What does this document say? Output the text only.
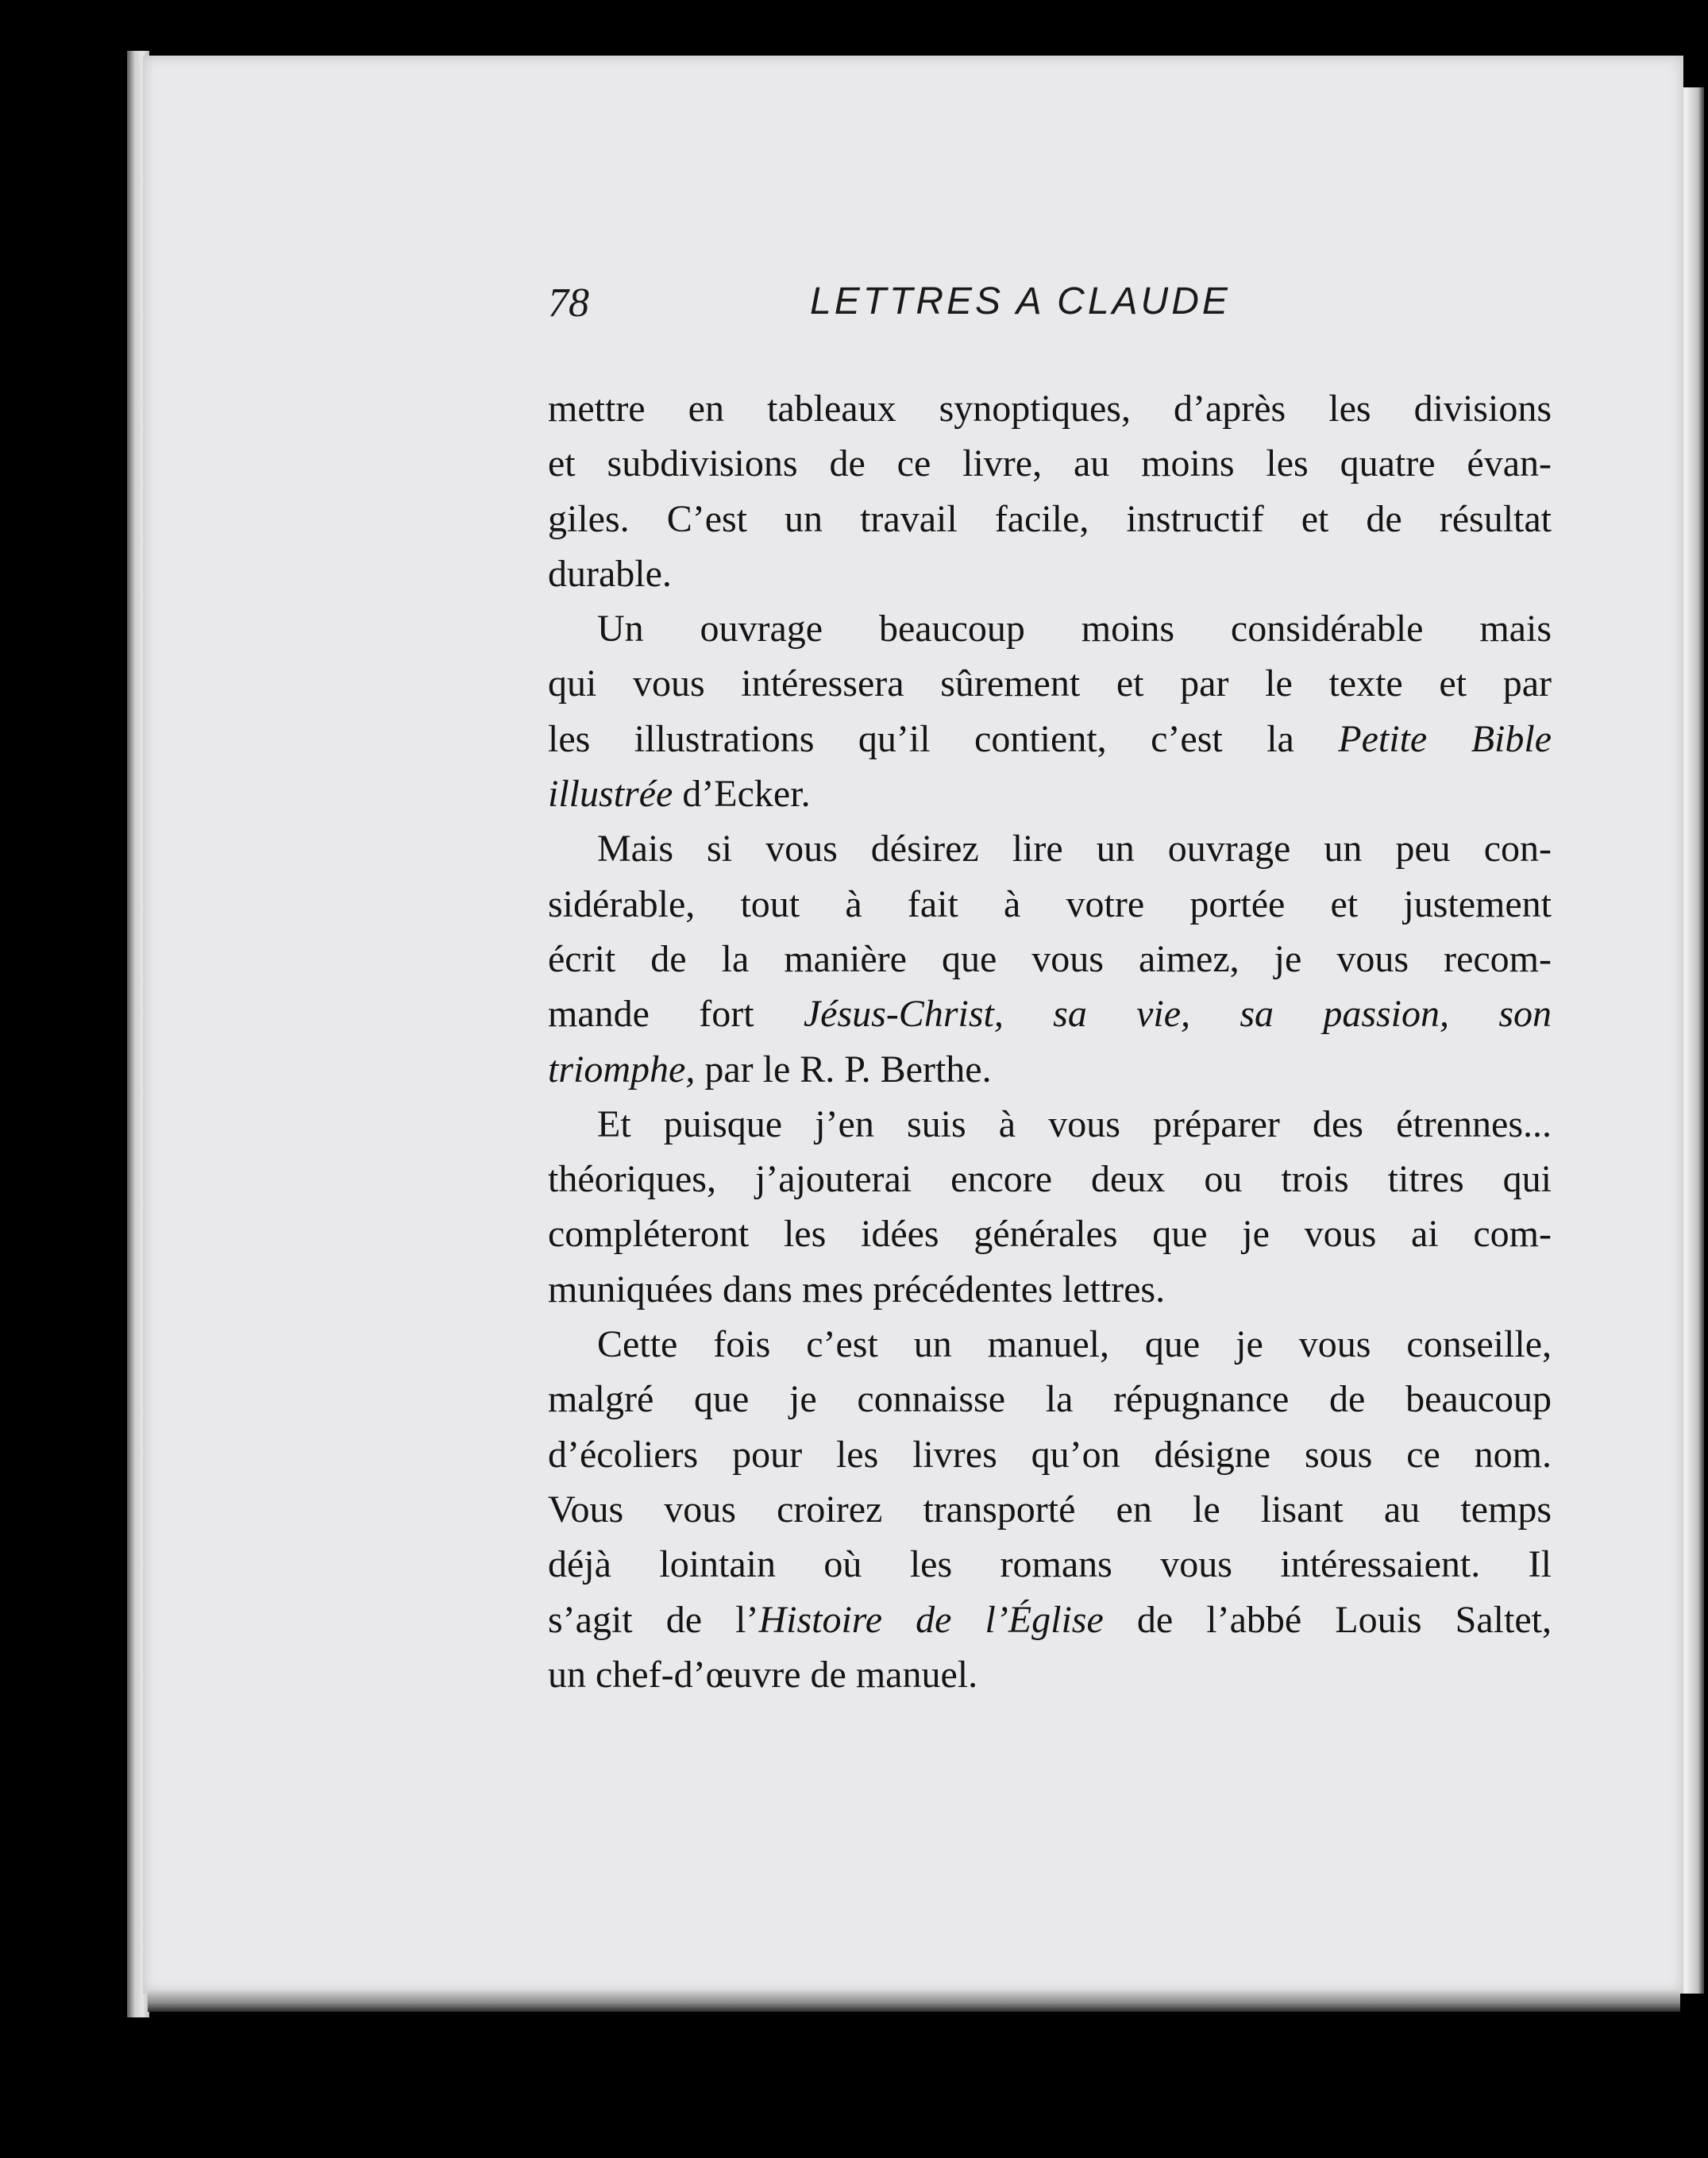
78	LETTRES A CLAUDE
mettre en tableaux synoptiques, d’après les divisions
et subdivisions de ce livre, au moins les quatre évan-
giles. C’est un travail facile, instructif et de résultat
durable.
Un ouvrage beaucoup moins considérable mais
qui vous intéressera sûrement et par le texte et par
les illustrations qu’il contient, c’est la Petite Bible
illustrée d’Ecker.
Mais si vous désirez lire un ouvrage un peu con-
sidérable, tout à fait à votre portée et justement
écrit de la manière que vous aimez, je vous recom-
mande fort Jésus-Christ, sa vie, sa passion, son
triomphe, par le R. P. Berthe.
Et puisque j’en suis à vous préparer des étrennes...
théoriques, j’ajouterai encore deux ou trois titres qui
compléteront les idées générales que je vous ai com-
muniquées dans mes précédentes lettres.
Cette fois c’est un manuel, que je vous conseille,
malgré que je connaisse la répugnance de beaucoup
d’écoliers pour les livres qu’on désigne sous ce nom.
Vous vous croirez transporté en le lisant au temps
déjà lointain où les romans vous intéressaient. Il
s’agit de l’Histoire de l’Église de l’abbé Louis Saltet,
un chef-d’œuvre de manuel.
